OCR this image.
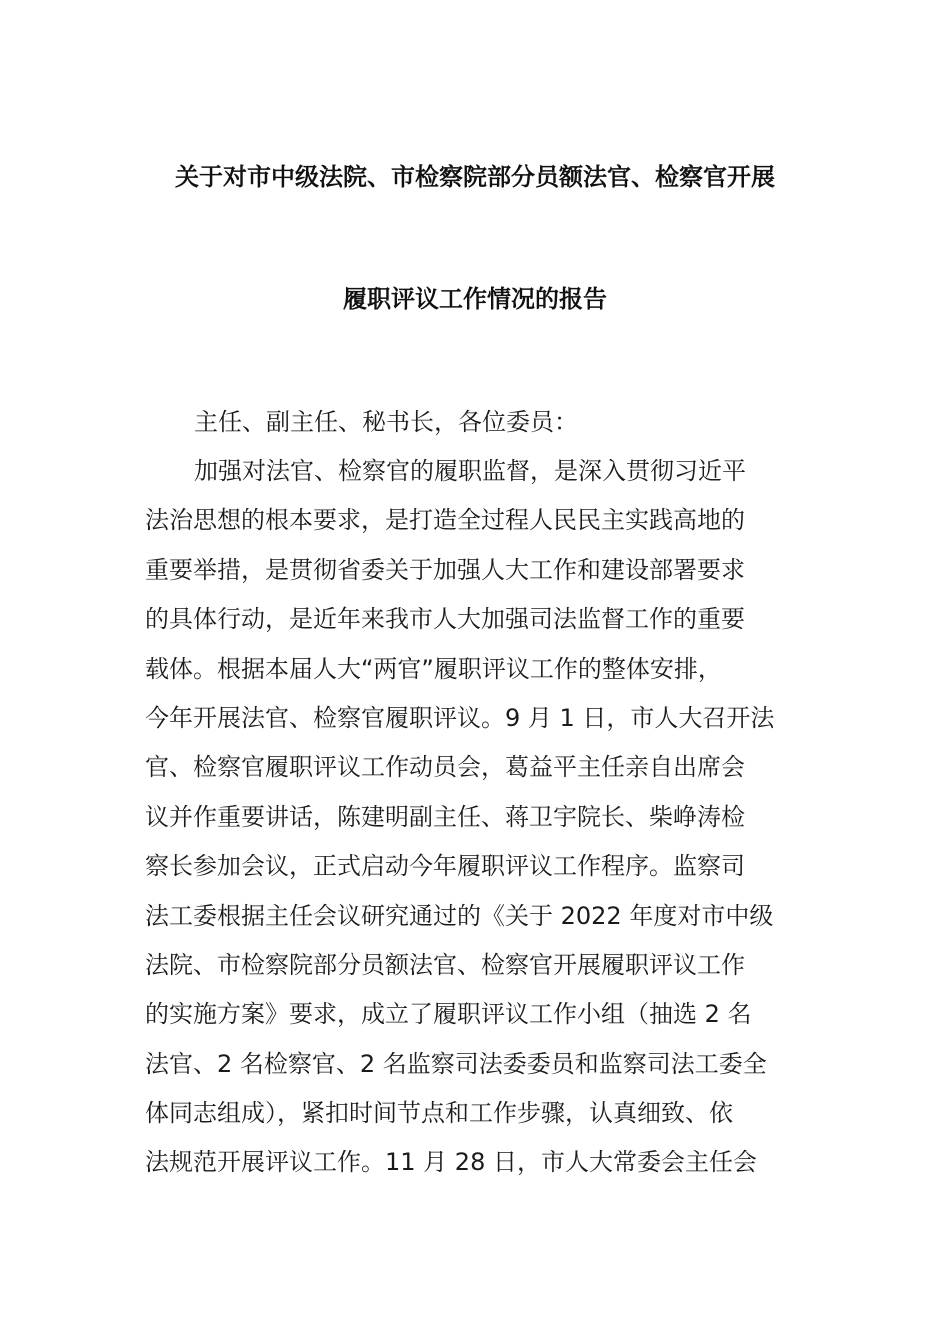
关于对市中级法院、市检察院部分员额法官、检察官开展
履职评议工作情况的报告
主任、副主任、秘书长，各位委员：
加强对法官、检察官的履职监督，是深入贯彻习近平
法治思想的根本要求，是打造全过程人民民主实践高地的
重要举措，是贯彻省委关于加强人大工作和建设部署要求
的具体行动，是近年来我市人大加强司法监督工作的重要
载体。根据本届人大“两官”履职评议工作的整体安排，
今年开展法官、检察官履职评议。9 月 1 日，市人大召开法
官、检察官履职评议工作动员会，葛益平主任亲自出席会
议并作重要讲话，陈建明副主任、蒋卫宇院长、柴峥涛检
察长参加会议，正式启动今年履职评议工作程序。监察司
法工委根据主任会议研究通过的《关于 2022 年度对市中级
法院、市检察院部分员额法官、检察官开展履职评议工作
的实施方案》要求，成立了履职评议工作小组（抽选 2 名
法官、2 名检察官、2 名监察司法委委员和监察司法工委全
体同志组成），紧扣时间节点和工作步骤，认真细致、依
法规范开展评议工作。11 月 28 日，市人大常委会主任会
